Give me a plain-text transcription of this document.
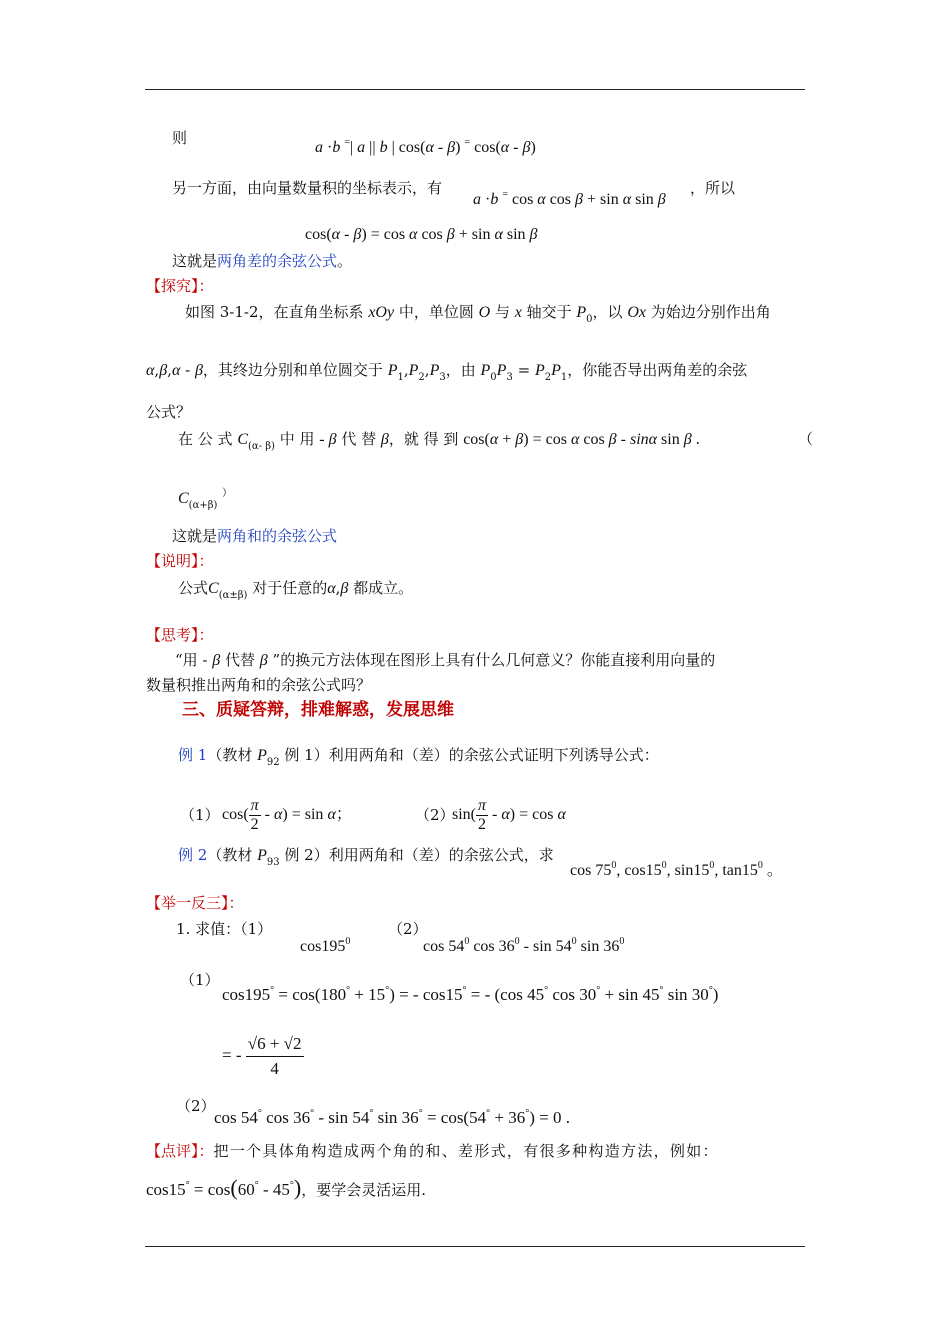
则
a ·b =| a || b | cos(α - β) = cos(α - β)
另一方面，由向量数量积的坐标表示，有
a ·b = cos α cos β + sin α sin β
，所以
cos(α - β) = cos α cos β + sin α sin β
这就是两角差的余弦公式。
【探究】：
如图 3-1-2，在直角坐标系 xOy 中，单位圆 O 与 x 轴交于 $P_0$，以 Ox 为始边分别作出角
α,β,α - β，其终边分别和单位圆交于 $P_1,P_2,P_3$，由 $P_0P_3 = P_2P_1$，你能否导出两角差的余弦
公式？
在 公 式 $C_{(\alpha- \beta)}$ 中 用 - β 代 替 β，就 得 到 cos(α + β) = cos α cos β - sinα sin β .	（
$C_{(\alpha+\beta)}$ ）
这就是两角和的余弦公式
【说明】：
公式$C_{(\alpha\pm\beta)}$ 对于任意的α,β 都成立。
【思考】：
“用 - β 代替 β ”的换元方法体现在图形上具有什么几何意义？你能直接利用向量的
数量积推出两角和的余弦公式吗？
三、质疑答辩，排难解惑，发展思维
例 1（教材 $P_{92}$ 例 1）利用两角和（差）的余弦公式证明下列诱导公式：
（1） $\cos( \frac{\pi}{2} - \alpha) = \sin \alpha$；	（2）
$\sin( \frac{\pi}{2} - \alpha) = \cos \alpha$
例 2（教材 $P_{93}$ 例 2）利用两角和（差）的余弦公式，求
$\cos 75^0$, $\cos 15^0$, $\sin 15^0$, $\tan 15^0$ 。
【举一反三】：
1. 求值：（1）
$\cos 195^0$
（2）
$\cos 54^0$ $\cos 36^0$ - $\sin 54^0$ $\sin 36^0$
（1）
cos195° = cos(180° + 15°) = - cos15° = - (cos 45° cos 30° + sin 45° sin 30°)
= - $\frac{√6 + √2}{4}$
（2）
cos 54° cos 36° - sin 54° sin 36° = cos(54° + 36°) = 0 .
【点评】：把一个具体角构造成两个角的和、差形式，有很多种构造方法，例如：
cos15° = cos(60° - 45°)，要学会灵活运用.
